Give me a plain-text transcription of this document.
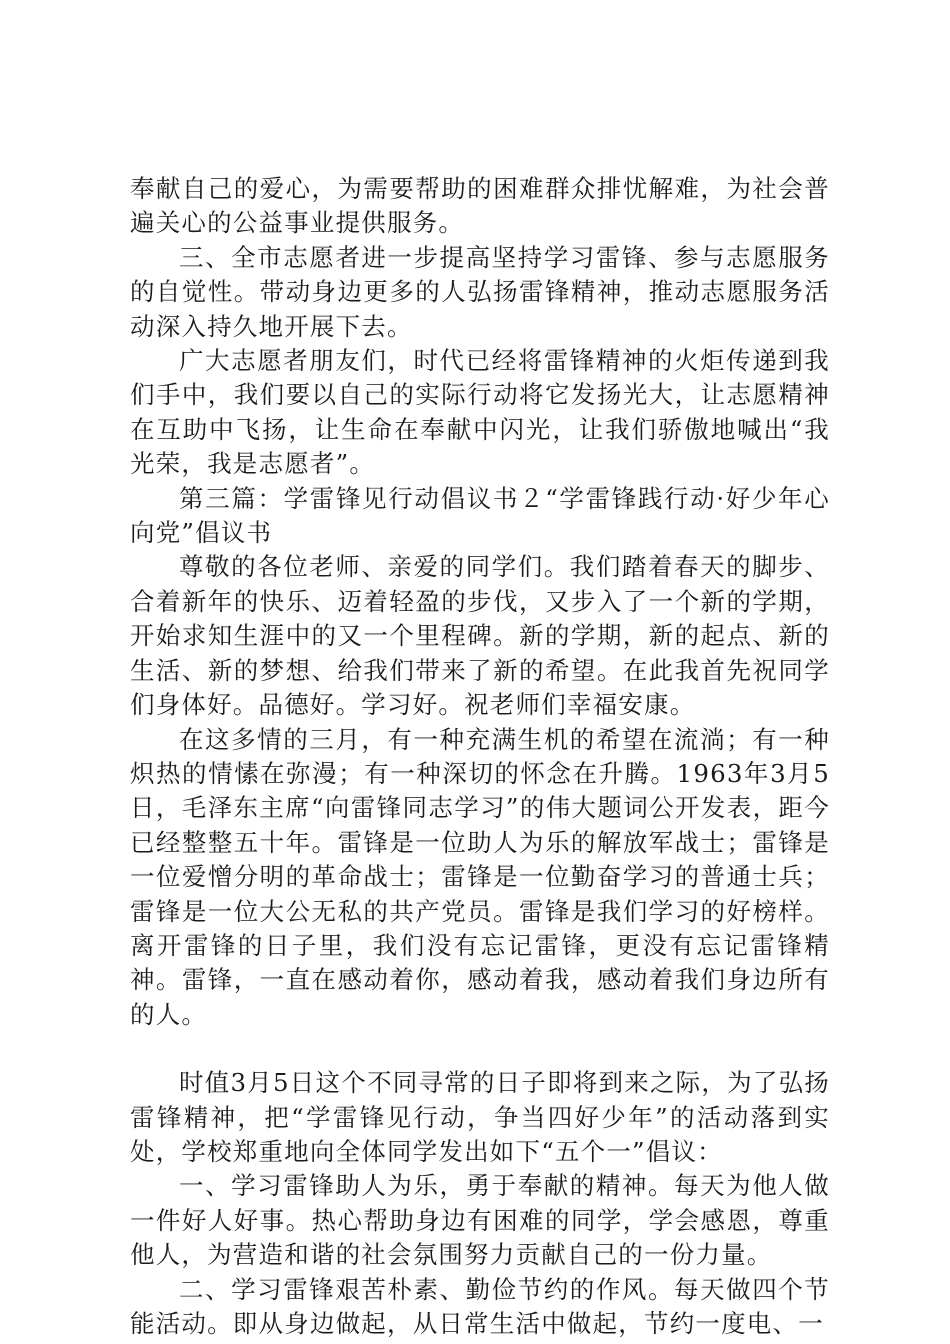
奉献自己的爱心，为需要帮助的困难群众排忧解难，为社会普遍关心的公益事业提供服务。

三、全市志愿者进一步提高坚持学习雷锋、参与志愿服务的自觉性。带动身边更多的人弘扬雷锋精神，推动志愿服务活动深入持久地开展下去。

广大志愿者朋友们，时代已经将雷锋精神的火炬传递到我们手中，我们要以自己的实际行动将它发扬光大，让志愿精神在互助中飞扬，让生命在奉献中闪光，让我们骄傲地喊出“我光荣，我是志愿者”。

第三篇：学雷锋见行动倡议书２“学雷锋践行动·好少年心向党”倡议书

尊敬的各位老师、亲爱的同学们。我们踏着春天的脚步、合着新年的快乐、迈着轻盈的步伐，又步入了一个新的学期，开始求知生涯中的又一个里程碑。新的学期，新的起点、新的生活、新的梦想、给我们带来了新的希望。在此我首先祝同学们身体好。品德好。学习好。祝老师们幸福安康。

在这多情的三月，有一种充满生机的希望在流淌；有一种炽热的情愫在弥漫；有一种深切的怀念在升腾。1963年3月5日，毛泽东主席“向雷锋同志学习”的伟大题词公开发表，距今已经整整五十年。雷锋是一位助人为乐的解放军战士；雷锋是一位爱憎分明的革命战士；雷锋是一位勤奋学习的普通士兵；雷锋是一位大公无私的共产党员。雷锋是我们学习的好榜样。离开雷锋的日子里，我们没有忘记雷锋，更没有忘记雷锋精神。雷锋，一直在感动着你，感动着我，感动着我们身边所有的人。

时值3月5日这个不同寻常的日子即将到来之际，为了弘扬雷锋精神，把“学雷锋见行动，争当四好少年”的活动落到实处，学校郑重地向全体同学发出如下“五个一”倡议：

一、学习雷锋助人为乐，勇于奉献的精神。每天为他人做一件好人好事。热心帮助身边有困难的同学，学会感恩，尊重他人，为营造和谐的社会氛围努力贡献自己的一份力量。

二、学习雷锋艰苦朴素、勤俭节约的作风。每天做四个节能活动。即从身边做起，从日常生活中做起，节约一度电、一
